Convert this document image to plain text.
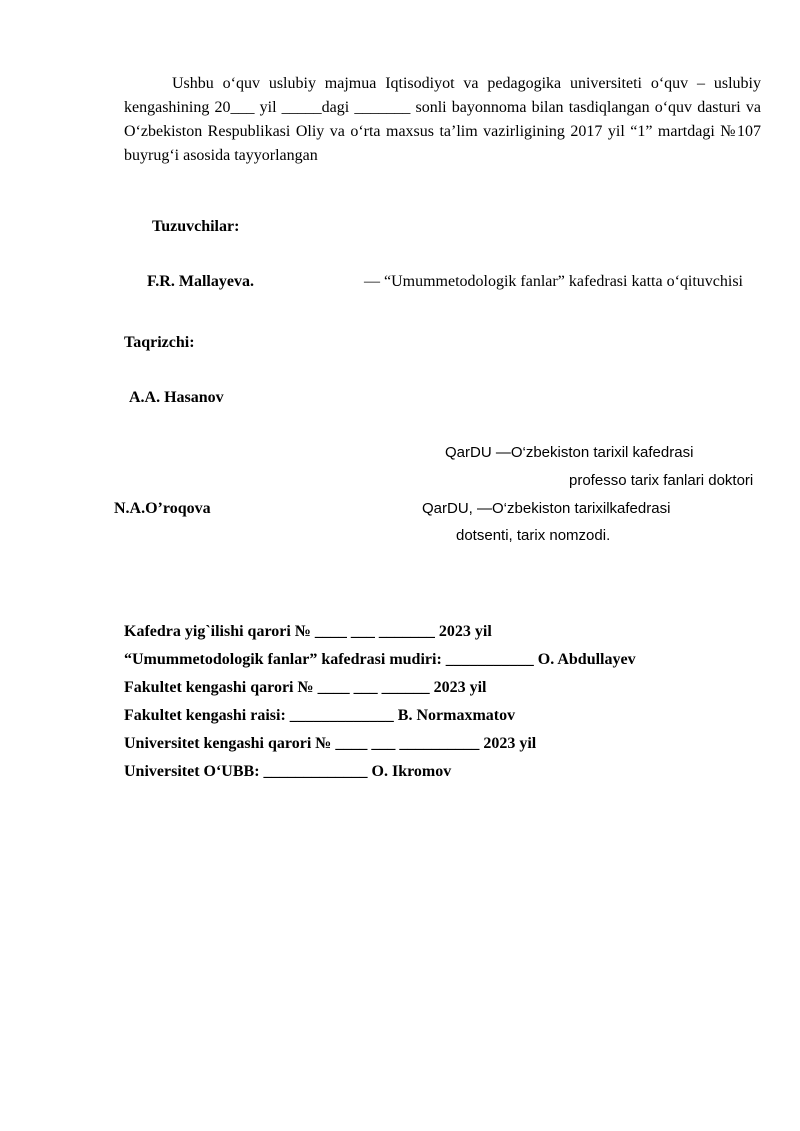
Ushbu o‘quv uslubiy majmua Iqtisodiyot va pedagogika universiteti o‘quv – uslubiy
kengashining 20___ yil _____dagi _______ sonli bayonnoma bilan tasdiqlangan o‘quv dasturi va
O‘zbekiston Respublikasi Oliy va o‘rta maxsus ta’lim vazirligining 2017 yil “1” martdagi №107
buyrug‘i asosida tayyorlangan
Tuzuvchilar:
F.R. Mallayeva.	— “Umummetodologik fanlar” kafedrasi katta o‘qituvchisi
Taqrizchi:
A.A. Hasanov
QarDU —O‘zbekiston tarixil kafedrasi
professo tarix fanlari doktori
N.A.O’roqova	QarDU, —O‘zbekiston tarixilkafedrasi
dotsenti, tarix nomzodi.
Kafedra yig`ilishi qarori № ____ ___ _______ 2023 yil
“Umummetodologik fanlar” kafedrasi mudiri: ___________ O. Abdullayev
Fakultet kengashi qarori № ____ ___ ______ 2023 yil
Fakultet kengashi raisi: _____________ B. Normaxmatov
Universitet kengashi qarori № ____ ___ __________ 2023 yil
Universitet O‘UBB: _____________ O. Ikromov
